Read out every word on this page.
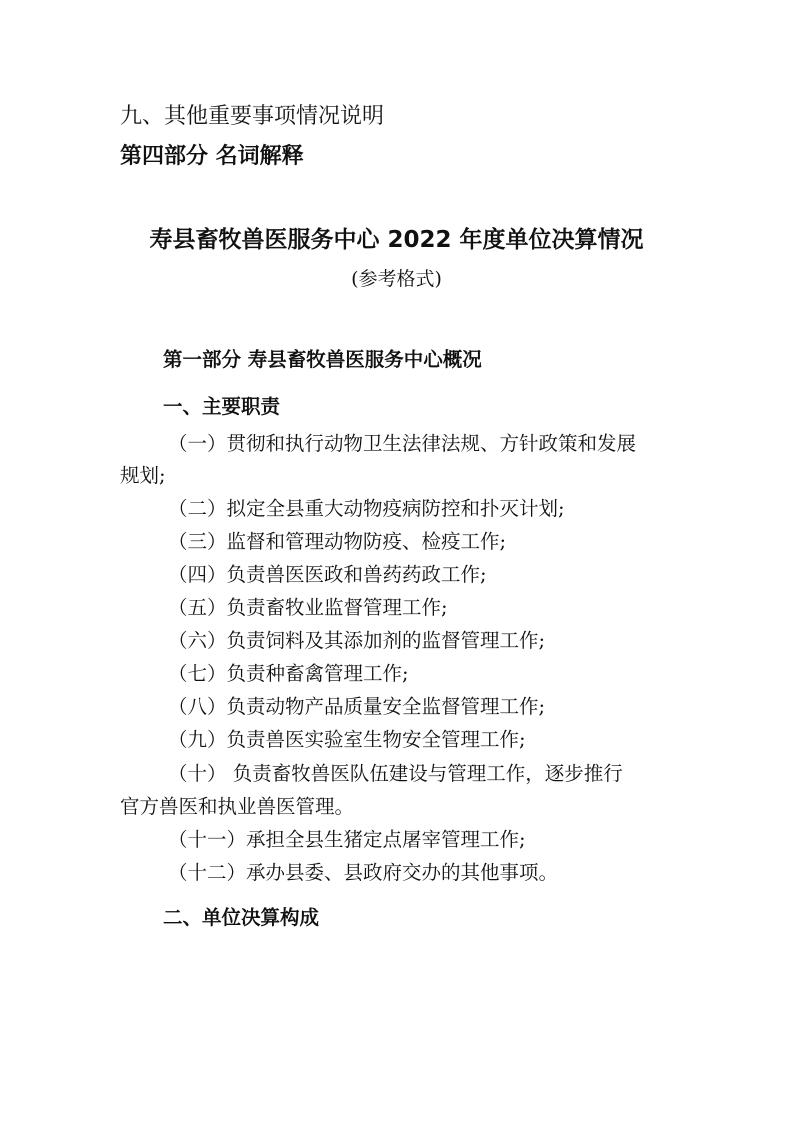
九、其他重要事项情况说明

第四部分 名词解释

寿县畜牧兽医服务中心 2022 年度单位决算情况

(参考格式)

第一部分 寿县畜牧兽医服务中心概况
一、主要职责

（一）贯彻和执行动物卫生法律法规、方针政策和发展

规划;

（二）拟定全县重大动物疫病防控和扑灭计划;

（三）监督和管理动物防疫、检疫工作;

（四）负责兽医医政和兽药药政工作;

（五）负责畜牧业监督管理工作;

（六）负责饲料及其添加剂的监督管理工作;

（七）负责种畜禽管理工作;

（八）负责动物产品质量安全监督管理工作;

（九）负责兽医实验室生物安全管理工作;

（十） 负责畜牧兽医队伍建设与管理工作，逐步推行

官方兽医和执业兽医管理。

（十一）承担全县生猪定点屠宰管理工作;

（十二）承办县委、县政府交办的其他事项。

二、单位决算构成
